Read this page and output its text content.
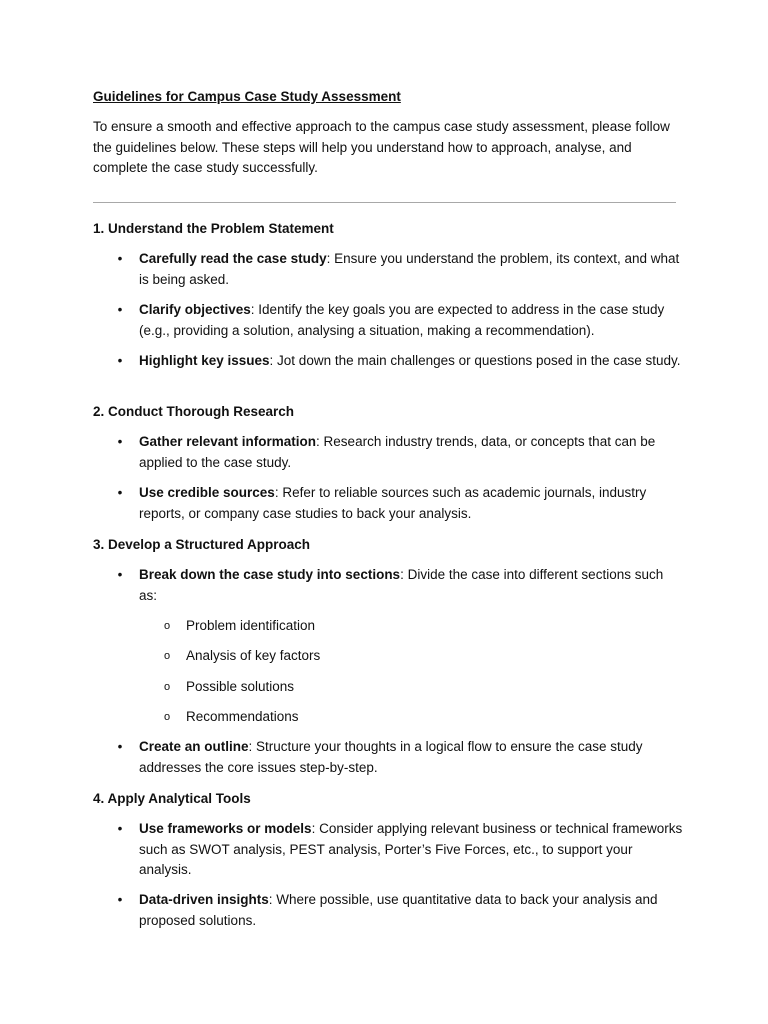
Guidelines for Campus Case Study Assessment
To ensure a smooth and effective approach to the campus case study assessment, please follow the guidelines below. These steps will help you understand how to approach, analyse, and complete the case study successfully.
1. Understand the Problem Statement
• Carefully read the case study: Ensure you understand the problem, its context, and what is being asked.
• Clarify objectives: Identify the key goals you are expected to address in the case study (e.g., providing a solution, analysing a situation, making a recommendation).
• Highlight key issues: Jot down the main challenges or questions posed in the case study.
2. Conduct Thorough Research
• Gather relevant information: Research industry trends, data, or concepts that can be applied to the case study.
• Use credible sources: Refer to reliable sources such as academic journals, industry reports, or company case studies to back your analysis.
3. Develop a Structured Approach
• Break down the case study into sections: Divide the case into different sections such as:
o Problem identification
o Analysis of key factors
o Possible solutions
o Recommendations
• Create an outline: Structure your thoughts in a logical flow to ensure the case study addresses the core issues step-by-step.
4. Apply Analytical Tools
• Use frameworks or models: Consider applying relevant business or technical frameworks such as SWOT analysis, PEST analysis, Porter’s Five Forces, etc., to support your analysis.
• Data-driven insights: Where possible, use quantitative data to back your analysis and proposed solutions.
